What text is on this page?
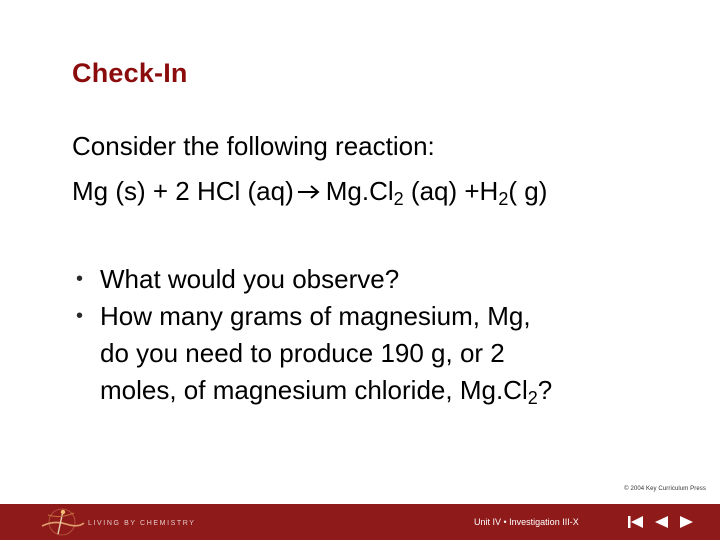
Check-In
Consider the following reaction:
Mg (s) + 2 HCl (aq) $Mg.Cl_2$ $(aq) +H_2$( g)
• What would you observe?
• How many grams of magnesium, Mg,
do you need to produce 190 g, or 2
moles, of magnesium chloride, $Mg.Cl_2$?
© 2004 Key Curriculum Press
LIVING BY CHEMISTRY	Unit IV • Investigation III-X
